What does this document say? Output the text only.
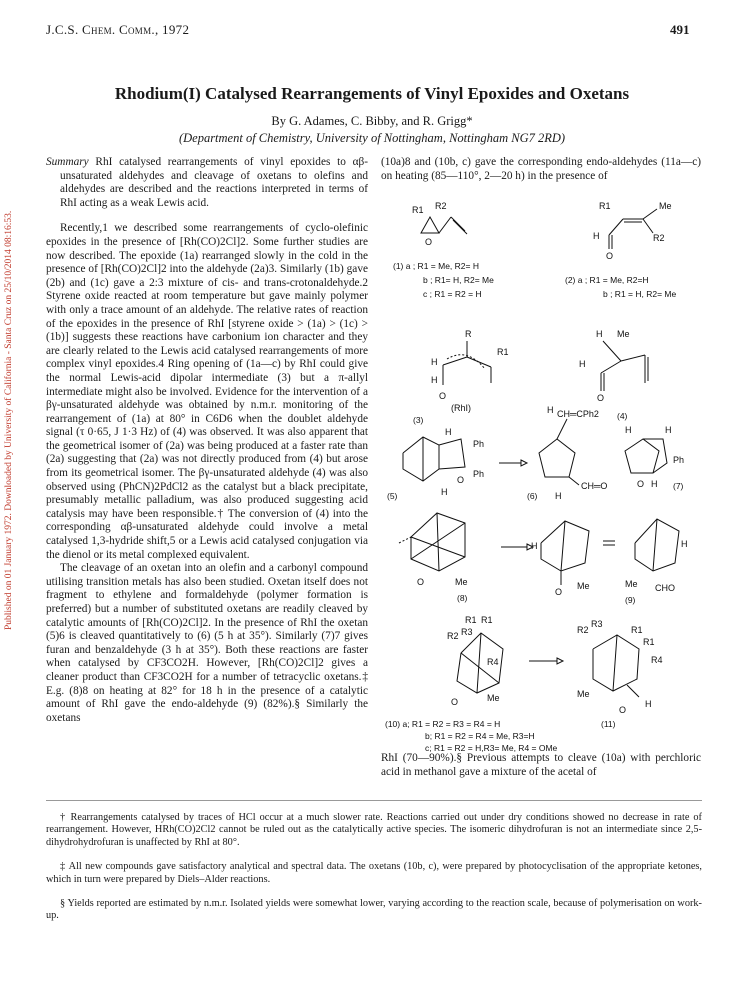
J.C.S. Chem. Comm., 1972	491
Rhodium(I) Catalysed Rearrangements of Vinyl Epoxides and Oxetans
By G. Adames, C. Bibby, and R. Grigg*
(Department of Chemistry, University of Nottingham, Nottingham NG7 2RD)
Published on 01 January 1972. Downloaded by University of California - Santa Cruz on 25/10/2014 08:16:53.

Summary RhI catalysed rearrangements of vinyl epoxides to αβ-unsaturated aldehydes and cleavage of oxetans to olefins and aldehydes are described and the reactions interpreted in terms of RhI acting as a weak Lewis acid.

Recently,1 we described some rearrangements of cyclo-olefinic epoxides in the presence of [Rh(CO)2Cl]2. Some further studies are now described. The epoxide (1a) rearranged slowly in the cold in the presence of [Rh(CO)2Cl]2 into the aldehyde (2a)3. Similarly (1b) gave (2b) and (1c) gave a 2:3 mixture of cis- and trans-crotonaldehyde.2 Styrene oxide reacted at room temperature but gave mainly polymer with only a trace amount of an aldehyde. The relative rates of reaction of the epoxides in the presence of RhI [styrene oxide > (1a) > (1c) > (1b)] suggests these reactions have carbonium ion character and they are clearly related to the Lewis acid catalysed rearrangements of more complex vinyl epoxides.4 Ring opening of (1a—c) by RhI could give the normal Lewis-acid dipolar intermediate (3) but a π-allyl intermediate might also be involved. Evidence for the intervention of a βγ-unsaturated aldehyde was obtained by n.m.r. monitoring of the rearrangement of (1a) at 80° in C6D6 when the doublet aldehyde signal (τ 0·65, J 1·3 Hz) of (4) was observed. It was also apparent that the geometrical isomer of (2a) was being produced at a faster rate than (2a) suggesting that (2a) was not directly produced from (4) but arose from its geometrical isomer. The βγ-unsaturated aldehyde (4) was also observed using (PhCN)2PdCl2 as the catalyst but a black precipitate, presumably metallic palladium, was also produced suggesting acid catalysis may have been responsible.† The conversion of (4) into the corresponding αβ-unsaturated aldehyde could involve a metal catalysed 1,3-hydride shift,5 or a Lewis acid catalysed conjugation via the dienol or its metal complexed equivalent.

The cleavage of an oxetan into an olefin and a carbonyl compound utilising transition metals has also been studied. Oxetan itself does not fragment to ethylene and formaldehyde (polymer formation is preferred) but a number of substituted oxetans are readily cleaved by catalytic amounts of [Rh(CO)2Cl]2. In the presence of RhI the oxetan (5)6 is cleaved quantitatively to (6) (5 h at 35°). Similarly (7)7 gives furan and benzaldehyde (3 h at 35°). Both these reactions are faster when catalysed by CF3CO2H. However, [Rh(CO)2Cl]2 gives a cleaner product than CF3CO2H for a number of tetracyclic oxetans.‡ E.g. (8)8 on heating at 82° for 18 h in the presence of a catalytic amount of RhI gave the endo-aldehyde (9) (82%).§ Similarly the oxetans

(10a)8 and (10b, c) gave the corresponding endo-aldehydes (11a—c) on heating (85—110°, 2—20 h) in the presence of
R1 R2
O
(1) a ; R1 = Me, R2= H
b ; R1= H, R2= Me
c ; R1 = R2 = H
R1	Me
R2
H
O
(2) a ; R1 = Me, R2=H
b ; R1 = H, R2= Me
R
H
H
R1
O
(RhI)
(3)
H Me
H
O
(4)
H
Ph
Ph
O
H
(5)
H CH═CPh2
CH═O
H
(6)
H	H
Ph
O H (7)
O	Me
(8)
H
O
Me
H
Me CHO
(9)
R1 R1
R2 R3
R4
O	Me
R2
R3
R1
R1
R4
Me
O
H
(10) a; R1 = R2 = R3 = R4 = H	(11)
b; R1 = R2 = R4 = Me, R3=H
c; R1 = R2 = H,R3= Me, R4 = OMe
RhI (70—90%).§ Previous attempts to cleave (10a) with perchloric acid in methanol gave a mixture of the acetal of

† Rearrangements catalysed by traces of HCl occur at a much slower rate. Reactions carried out under dry conditions showed no decrease in rate of rearrangement. However, HRh(CO)2Cl2 cannot be ruled out as the catalytically active species. The isomeric dihydrofuran is not an intermediate since 2,5-dihydrohydrofuran is unaffected by RhI at 80°.

‡ All new compounds gave satisfactory analytical and spectral data. The oxetans (10b, c), were prepared by photocyclisation of the appropriate ketones, which in turn were prepared by Diels–Alder reactions.

§ Yields reported are estimated by n.m.r. Isolated yields were somewhat lower, varying according to the reaction scale, because of polymerisation on work-up.
